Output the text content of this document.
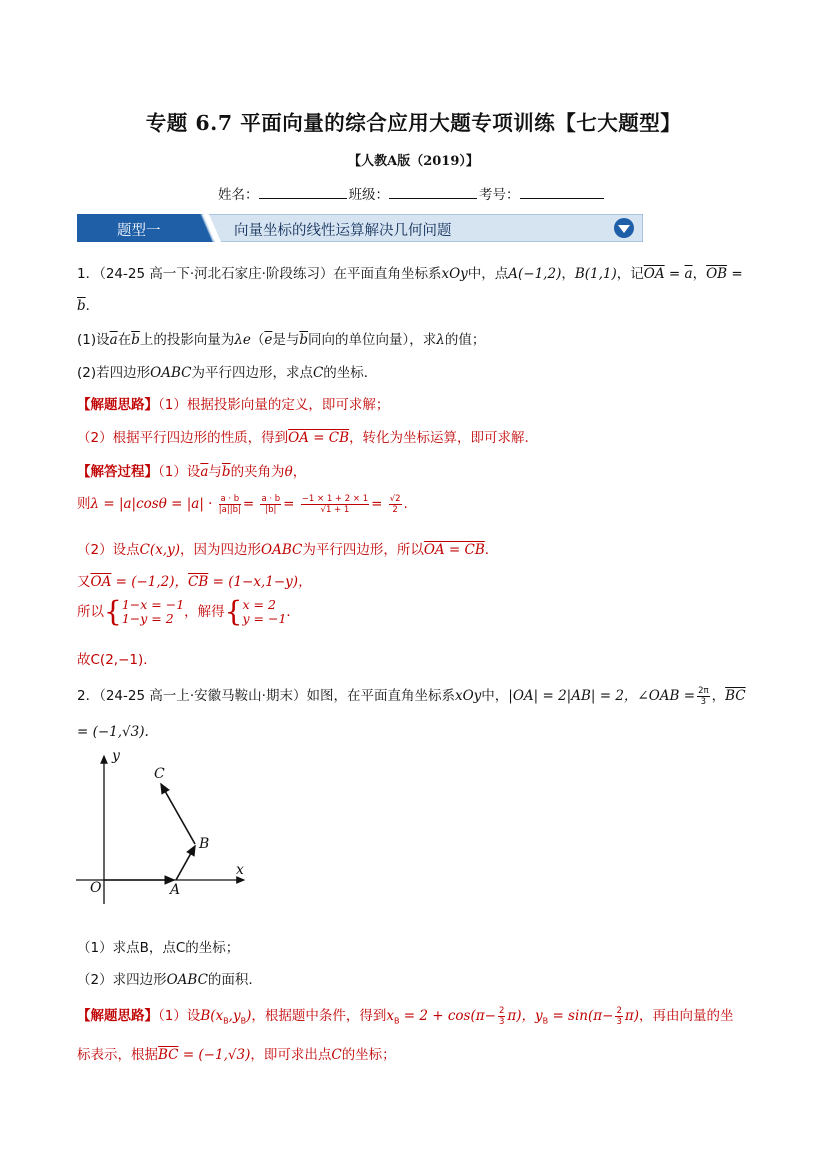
专题 6.7 平面向量的综合应用大题专项训练【七大题型】
【人教A版（2019）】
姓名：	班级：	考号：
题型一	向量坐标的线性运算解决几何问题
1．（24-25 高一下·河北石家庄·阶段练习）在平面直角坐标系xOy中，点A(−1,2)，B(1,1)，记$\overline{OA} = \overline{a}$，$\overline{OB}$ =
$\overline{b}$．
(1)设$\overline{a}$在$\overline{b}$上的投影向量为$\lambda e(\overline{e}$是与$\overline{b}$同向的单位向量），求λ的值；
(2)若四边形OABC为平行四边形，求点C的坐标．
【解题思路】（1）根据投影向量的定义，即可求解；
（2）根据平行四边形的性质，得到OA = CB，转化为坐标运算，即可求解.
【解答过程】（1）设$\overline{a}$与$\overline{b}$的夹角为θ，
则$\lambda = |a|\cos\theta = |a| \cdot \frac{a \cdot b}{|a||b|} = \frac{a \cdot b}{|b|} = \frac{-1 \times 1 + 2 \times 1}{√1 + 1} = \frac{√2}{2}$ .
（2）设点C(x,y)，因为四边形OABC为平行四边形，所以OA = CB．
又$\overline{OA} = (-1,2)$，$\overline{CB} = (1-x,1-y)$，
所以{ 1−x = −1
1−y = 2 ，解得{ x = 2
y = −1 ．
故C(2,−1)．
2．（24-25 高一上·安徽马鞍山·期末）如图，在平面直角坐标系xOy中，|OA| = 2|AB| = 2，∠OAB = $\frac{2\pi}{3}$ ，$\overline{BC}$
= (−1,√3).
y
x
O	A
B
C
（1）求点B，点C的坐标；
（2）求四边形OABC的面积.
【解题思路】（1）设$B(x_B,y_B)$，根据题中条件，得到$x_B = 2 + \cos(\pi- \frac{2}{3} \pi)$，$y_B = \sin(\pi- \frac{2}{3} \pi)$，再由向量的坐
标表示，根据$\overline{BC} = (-1,√3)$，即可求出点C的坐标；
